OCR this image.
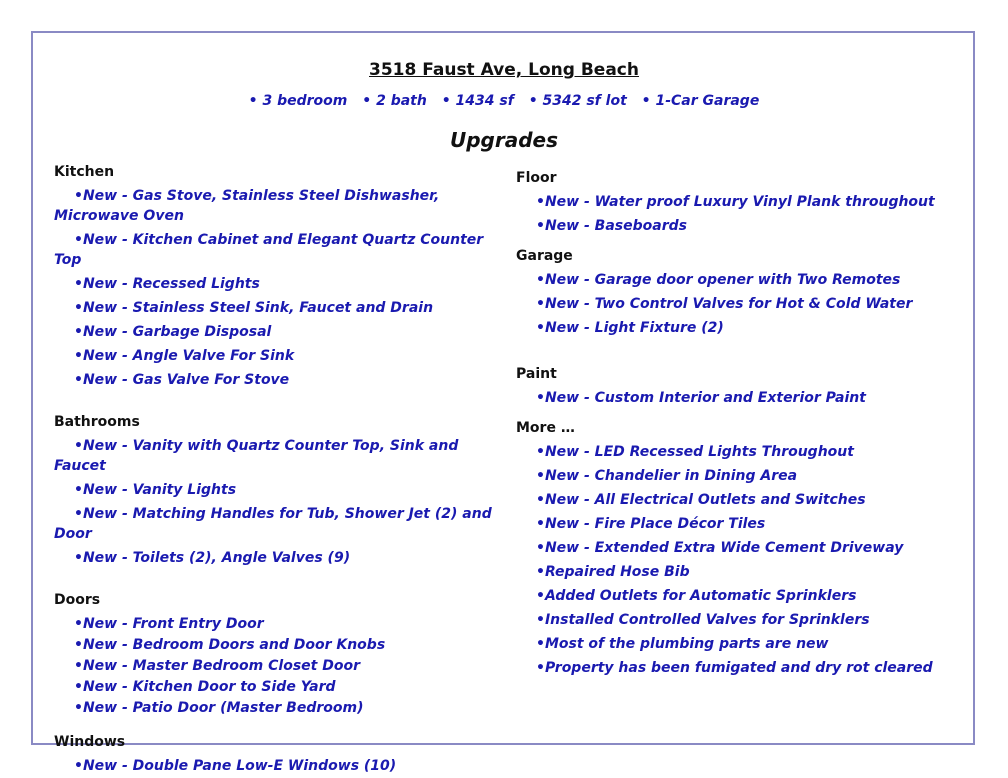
3518 Faust Ave, Long Beach
• 3 bedroom • 2 bath • 1434 sf • 5342 sf lot • 1-Car Garage
Upgrades
Kitchen
• New - Gas Stove, Stainless Steel Dishwasher, Microwave Oven
• New - Kitchen Cabinet and Elegant Quartz Counter Top
• New - Recessed Lights
• New - Stainless Steel Sink, Faucet and Drain
• New - Garbage Disposal
• New - Angle Valve For Sink
• New - Gas Valve For Stove
Bathrooms
• New - Vanity with Quartz Counter Top, Sink and Faucet
• New - Vanity Lights
• New - Matching Handles for Tub, Shower Jet (2) and Door
• New - Toilets (2), Angle Valves (9)
Doors
• New - Front Entry Door
• New - Bedroom Doors and Door Knobs
• New - Master Bedroom Closet Door
• New - Kitchen Door to Side Yard
• New - Patio Door (Master Bedroom)
Windows
• New - Double Pane Low-E Windows (10)
Floor
• New - Water proof Luxury Vinyl Plank throughout
• New - Baseboards
Garage
• New - Garage door opener with Two Remotes
• New - Two Control Valves for Hot & Cold Water
• New - Light Fixture (2)
Paint
• New - Custom Interior and Exterior Paint
More …
• New - LED Recessed Lights Throughout
• New - Chandelier in Dining Area
• New - All Electrical Outlets and Switches
• New - Fire Place Décor Tiles
• New - Extended Extra Wide Cement Driveway
• Repaired Hose Bib
• Added Outlets for Automatic Sprinklers
• Installed Controlled Valves for Sprinklers
• Most of the plumbing parts are new
• Property has been fumigated and dry rot cleared
